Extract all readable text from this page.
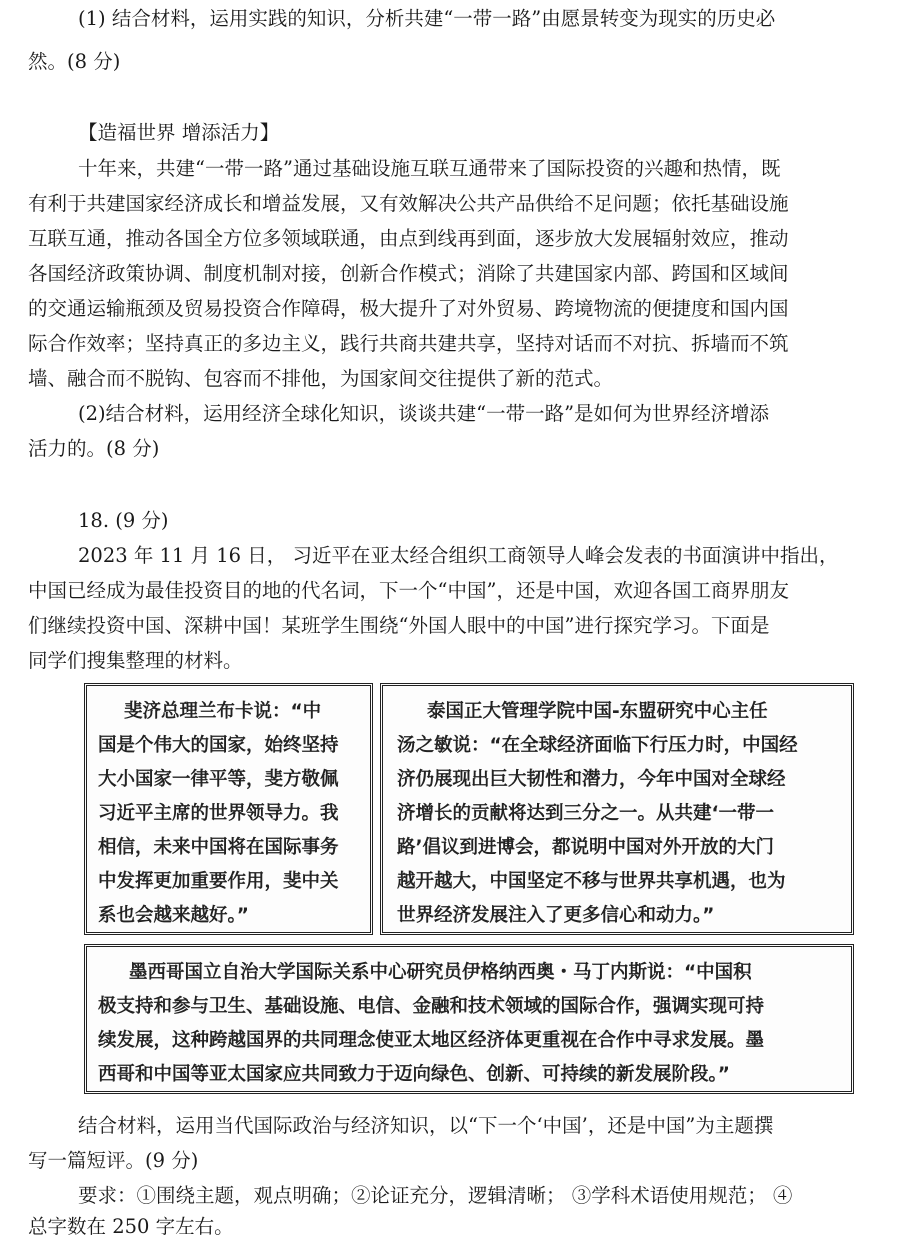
(1) 结合材料，运用实践的知识，分析共建“一带一路”由愿景转变为现实的历史必
然。(8 分)
【造福世界 增添活力】
十年来，共建“一带一路”通过基础设施互联互通带来了国际投资的兴趣和热情，既
有利于共建国家经济成长和增益发展，又有效解决公共产品供给不足问题；依托基础设施
互联互通，推动各国全方位多领域联通，由点到线再到面，逐步放大发展辐射效应，推动
各国经济政策协调、制度机制对接，创新合作模式；消除了共建国家内部、跨国和区域间
的交通运输瓶颈及贸易投资合作障碍，极大提升了对外贸易、跨境物流的便捷度和国内国
际合作效率；坚持真正的多边主义，践行共商共建共享，坚持对话而不对抗、拆墙而不筑
墙、融合而不脱钩、包容而不排他，为国家间交往提供了新的范式。
(2)结合材料，运用经济全球化知识，谈谈共建“一带一路”是如何为世界经济增添
活力的。(8 分)
18. (9 分)
2023 年 11 月 16 日， 习近平在亚太经合组织工商领导人峰会发表的书面演讲中指出，
中国已经成为最佳投资目的地的代名词，下一个“中国”，还是中国，欢迎各国工商界朋友
们继续投资中国、深耕中国！某班学生围绕“外国人眼中的中国”进行探究学习。下面是
同学们搜集整理的材料。
斐济总理兰布卡说：“中
国是个伟大的国家，始终坚持
大小国家一律平等，斐方敬佩
习近平主席的世界领导力。我
相信，未来中国将在国际事务
中发挥更加重要作用，斐中关
系也会越来越好。”
泰国正大管理学院中国-东盟研究中心主任
汤之敏说：“在全球经济面临下行压力时，中国经
济仍展现出巨大韧性和潜力，今年中国对全球经
济增长的贡献将达到三分之一。从共建‘一带一
路’倡议到进博会，都说明中国对外开放的大门
越开越大，中国坚定不移与世界共享机遇，也为
世界经济发展注入了更多信心和动力。”
墨西哥国立自治大学国际关系中心研究员伊格纳西奥・马丁内斯说：“中国积
极支持和参与卫生、基础设施、电信、金融和技术领域的国际合作，强调实现可持
续发展，这种跨越国界的共同理念使亚太地区经济体更重视在合作中寻求发展。墨
西哥和中国等亚太国家应共同致力于迈向绿色、创新、可持续的新发展阶段。”
结合材料，运用当代国际政治与经济知识，以“下一个‘中国’，还是中国”为主题撰
写一篇短评。(9 分)
要求：①围绕主题，观点明确；②论证充分，逻辑清晰； ③学科术语使用规范； ④
总字数在 250 字左右。
